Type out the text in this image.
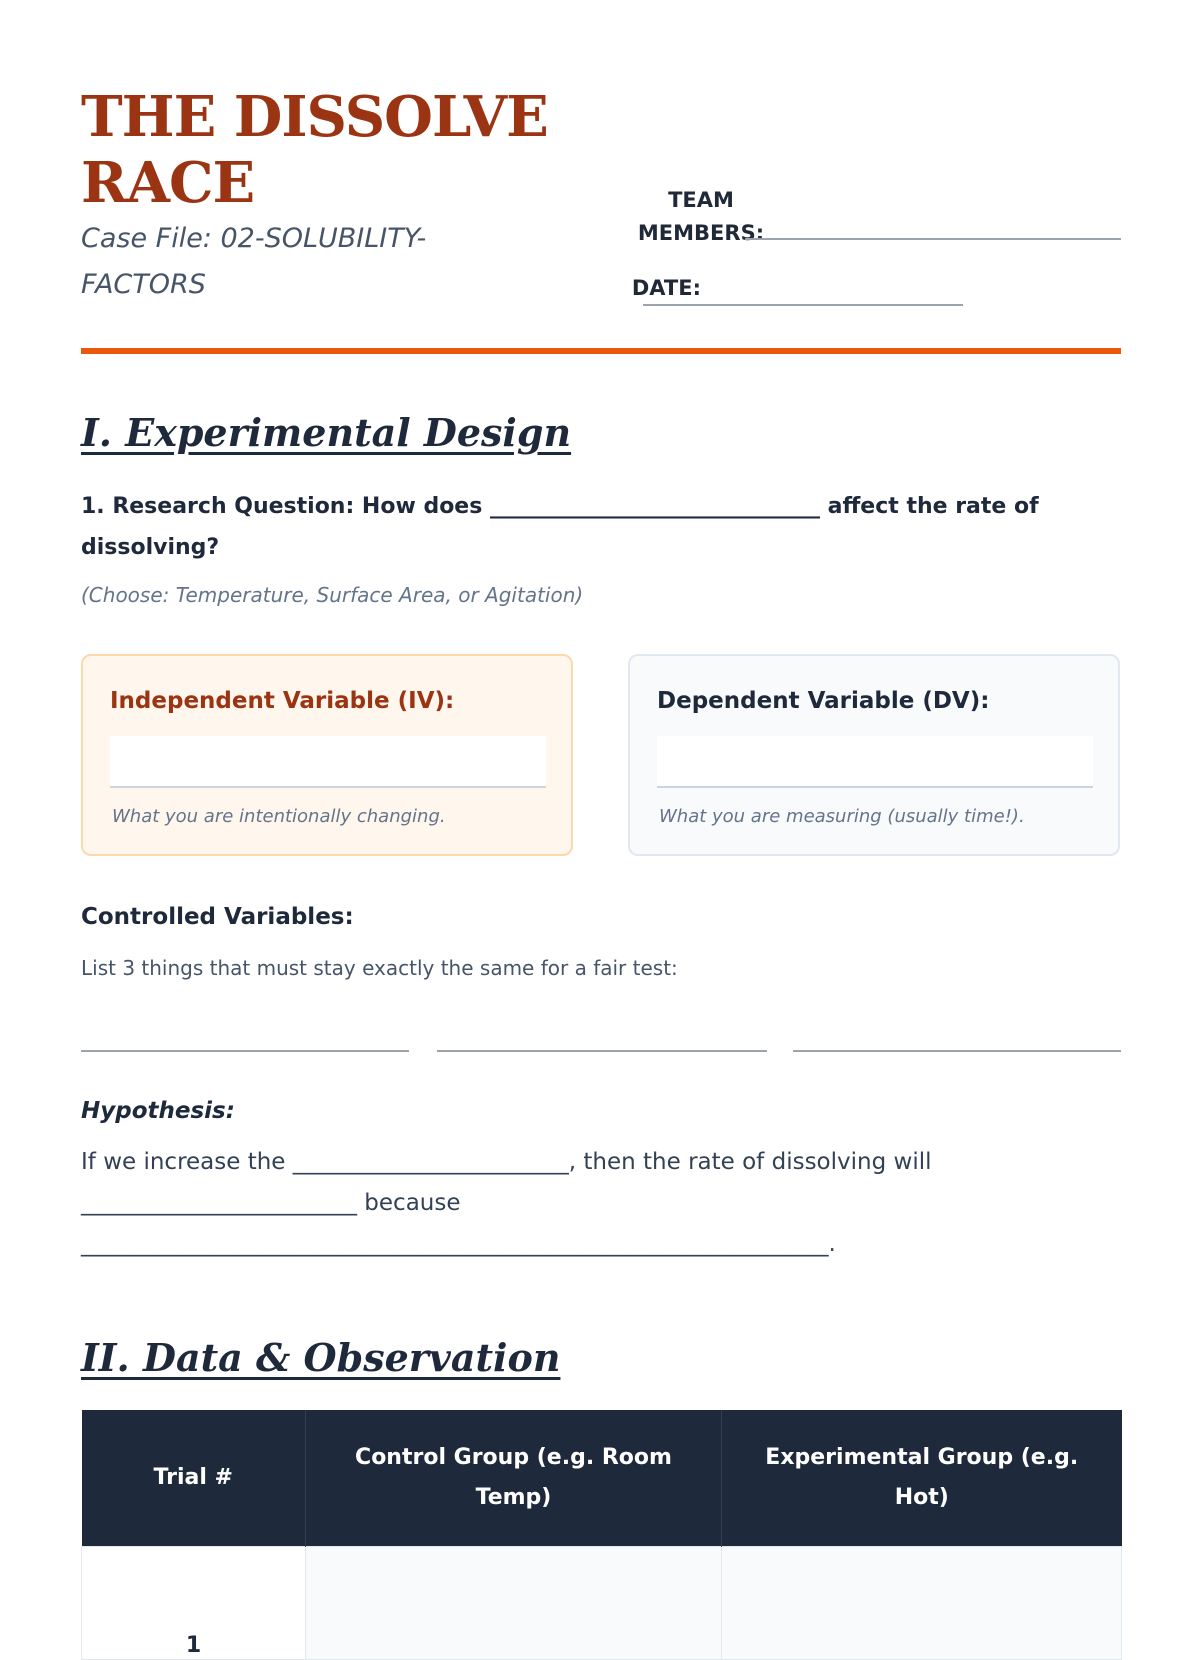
THE DISSOLVE RACE
Case File: 02-SOLUBILITY-FACTORS
TEAM
MEMBERS:
DATE:
I. Experimental Design
1. Research Question: How does ______________________________ affect the rate of dissolving?
(Choose: Temperature, Surface Area, or Agitation)
Independent Variable (IV):
What you are intentionally changing.
Dependent Variable (DV):
What you are measuring (usually time!).
Controlled Variables:
List 3 things that must stay exactly the same for a fair test:
Hypothesis:
If we increase the ________________________, then the rate of dissolving will ________________________ because _________________________________________________________________.
II. Data & Observation
Trial #	Control Group (e.g. Room Temp)	Experimental Group (e.g. Hot)
1		
